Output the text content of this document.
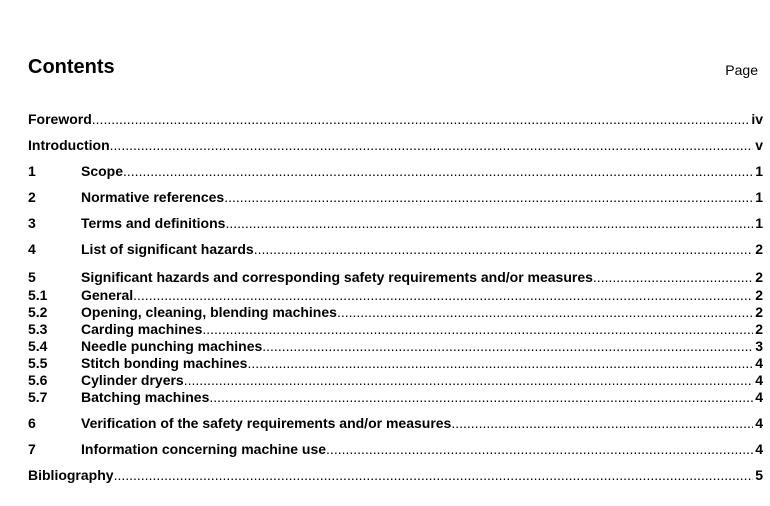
Contents	Page
Foreword .....	iv
Introduction .....	v
1	Scope .....	1
2	Normative references .....	1
3	Terms and definitions .....	1
4	List of significant hazards .....	2
5	Significant hazards and corresponding safety requirements and/or measures .....	2
5.1	General .....	2
5.2	Opening, cleaning, blending machines .....	2
5.3	Carding machines .....	2
5.4	Needle punching machines .....	3
5.5	Stitch bonding machines .....	4
5.6	Cylinder dryers .....	4
5.7	Batching machines .....	4
6	Verification of the safety requirements and/or measures .....	4
7	Information concerning machine use .....	4
Bibliography .....	5
